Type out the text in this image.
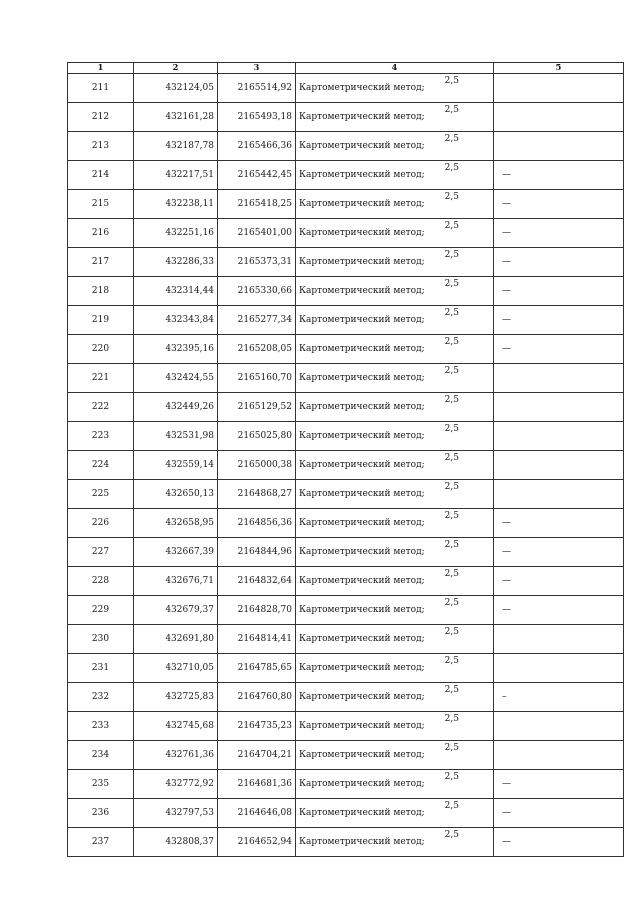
1	2	3	4	5
211	432124,05	2165514,92	Картометрический метод;
2,5	

212	432161,28	2165493,18	Картометрический метод;
2,5	

213	432187,78	2165466,36	Картометрический метод;
2,5	

214	432217,51	2165442,45	Картометрический метод;
2,5	—
215	432238,11	2165418,25	Картометрический метод;
2,5	—
216	432251,16	2165401,00	Картометрический метод;
2,5	—
217	432286,33	2165373,31	Картометрический метод;
2,5	—
218	432314,44	2165330,66	Картометрический метод;
2,5	—
219	432343,84	2165277,34	Картометрический метод;
2,5	—
220	432395,16	2165208,05	Картометрический метод;
2,5	—
221	432424,55	2165160,70	Картометрический метод;
2,5	

222	432449,26	2165129,52	Картометрический метод;
2,5	

223	432531,98	2165025,80	Картометрический метод;
2,5	

224	432559,14	2165000,38	Картометрический метод;
2,5	

225	432650,13	2164868,27	Картометрический метод;
2,5	

226	432658,95	2164856,36	Картометрический метод;
2,5	—
227	432667,39	2164844,96	Картометрический метод;
2,5	—
228	432676,71	2164832,64	Картометрический метод;
2,5	—
229	432679,37	2164828,70	Картометрический метод;
2,5	—
230	432691,80	2164814,41	Картометрический метод;
2,5	

231	432710,05	2164785,65	Картометрический метод;
2,5	

232	432725,83	2164760,80	Картометрический метод;
2,5	–
233	432745,68	2164735,23	Картометрический метод;
2,5	

234	432761,36	2164704,21	Картометрический метод;
2,5	

235	432772,92	2164681,36	Картометрический метод;
2,5	—
236	432797,53	2164646,08	Картометрический метод;
2,5	—
237	432808,37	2164652,94	Картометрический метод;
2,5	—
